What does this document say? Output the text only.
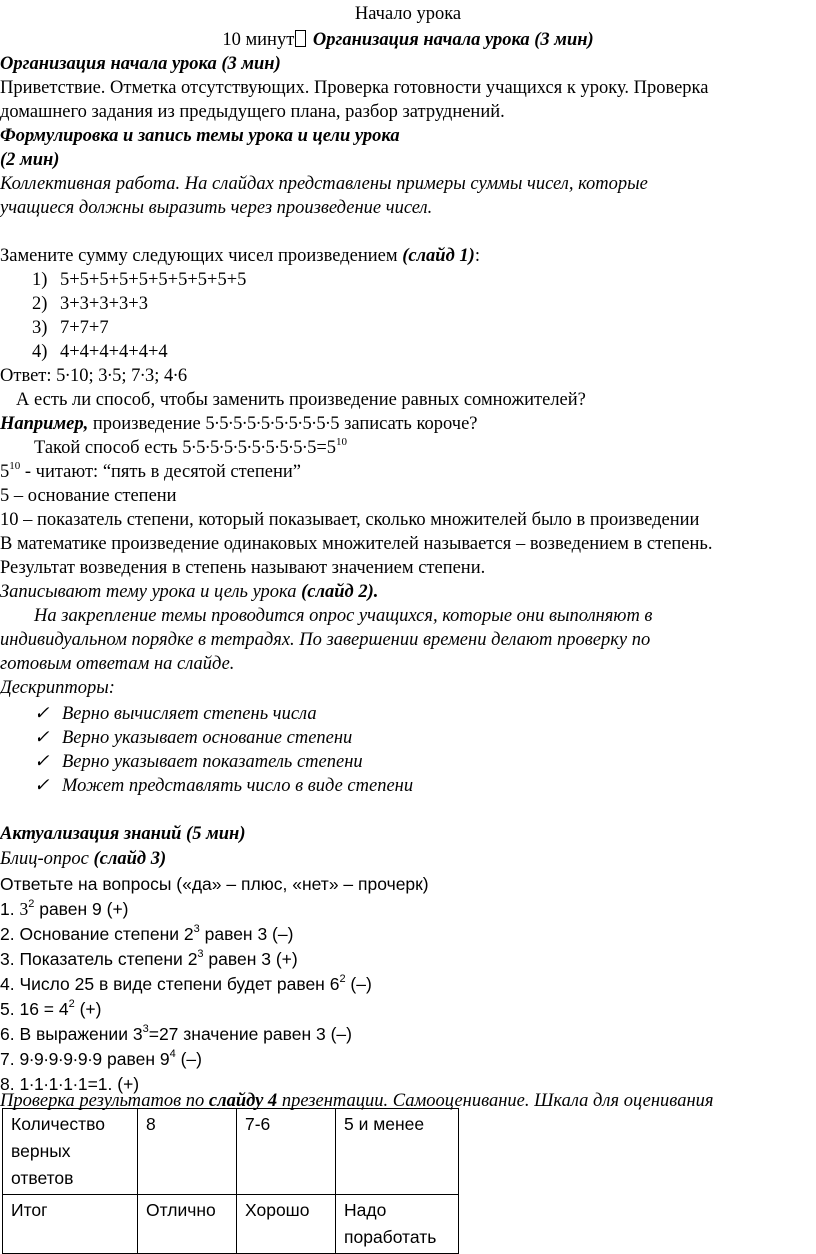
Начало урока
10 минут Организация начала урока (3 мин)
Организация начала урока (3 мин)
Приветствие. Отметка отсутствующих. Проверка готовности учащихся к уроку. Проверка
домашнего задания из предыдущего плана, разбор затруднений.
Формулировка и запись темы урока и цели урока
(2 мин)
Коллективная работа. На слайдах представлены примеры суммы чисел, которые
учащиеся должны выразить через произведение чисел.
Замените сумму следующих чисел произведением (слайд 1):
1) 5+5+5+5+5+5+5+5+5+5
2) 3+3+3+3+3
3) 7+7+7
4) 4+4+4+4+4+4
Ответ: 5∙10; 3∙5; 7∙3; 4∙6
А есть ли способ, чтобы заменить произведение равных сомножителей?
Например, произведение 5∙5∙5∙5∙5∙5∙5∙5∙5∙5 записать короче?
Такой способ есть $5\cdot 5\cdot 5\cdot 5\cdot 5\cdot 5\cdot 5\cdot 5\cdot 5\cdot 5=5^{10}$
$5^{10}$ - читают: “пять в десятой степени”
5 – основание степени
10 – показатель степени, который показывает, сколько множителей было в произведении
В математике произведение одинаковых множителей называется – возведением в степень.
Результат возведения в степень называют значением степени.
Записывают тему урока и цель урока (слайд 2).
На закрепление темы проводится опрос учащихся, которые они выполняют в
индивидуальном порядке в тетрадях. По завершении времени делают проверку по
готовым ответам на слайде.
Дескрипторы:
✓ Верно вычисляет степень числа
✓ Верно указывает основание степени
✓ Верно указывает показатель степени
✓ Может представлять число в виде степени
Актуализация знаний (5 мин)
Блиц-опрос (слайд 3)
Ответьте на вопросы («да» – плюс, «нет» – прочерк)
1. $3^2$ равен 9 (+)
2. Основание степени $2^3$ равен 3 (–)
3. Показатель степени $2^3$ равен 3 (+)
4. Число 25 в виде степени будет равен $6^2$ (–)
5. $16 = 4^2$ (+)
6. В выражении $3^3=27$ значение равен 3 (–)
7. 9∙9∙9∙9∙9∙9 равен $9^4$ (–)
8. 1∙1∙1∙1∙1=1. (+)
Проверка результатов по слайду 4 презентации. Самооценивание. Шкала для оценивания
Количество верных ответов	8	7-6	5 и менее
Итог	Отлично	Хорошо	Надо поработать
